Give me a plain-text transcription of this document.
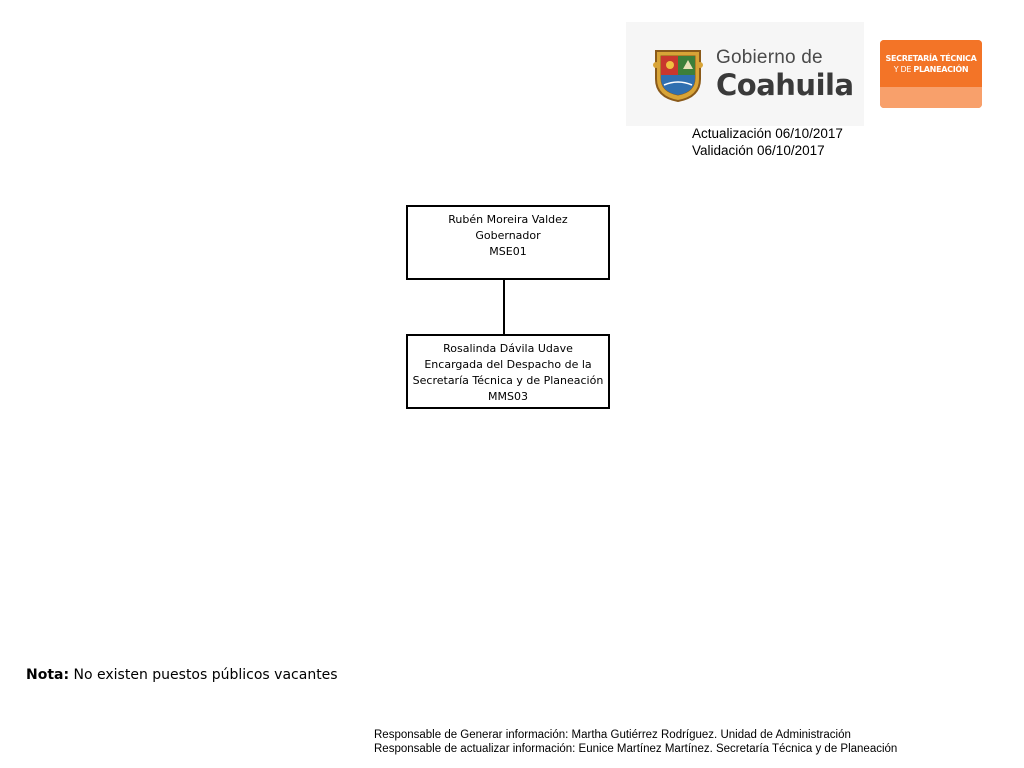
Gobierno de
Coahuila
SECRETARÍA TÉCNICA
Y DE PLANEACIÓN
Actualización 06/10/2017
Validación 06/10/2017
Rubén Moreira Valdez
Gobernador
MSE01
Rosalinda Dávila Udave
Encargada del Despacho de la
Secretaría Técnica y de Planeación
MMS03
Nota: No existen puestos públicos vacantes
Responsable de Generar información: Martha Gutiérrez Rodríguez. Unidad de Administración
Responsable de actualizar información: Eunice Martínez Martínez. Secretaría Técnica y de Planeación
